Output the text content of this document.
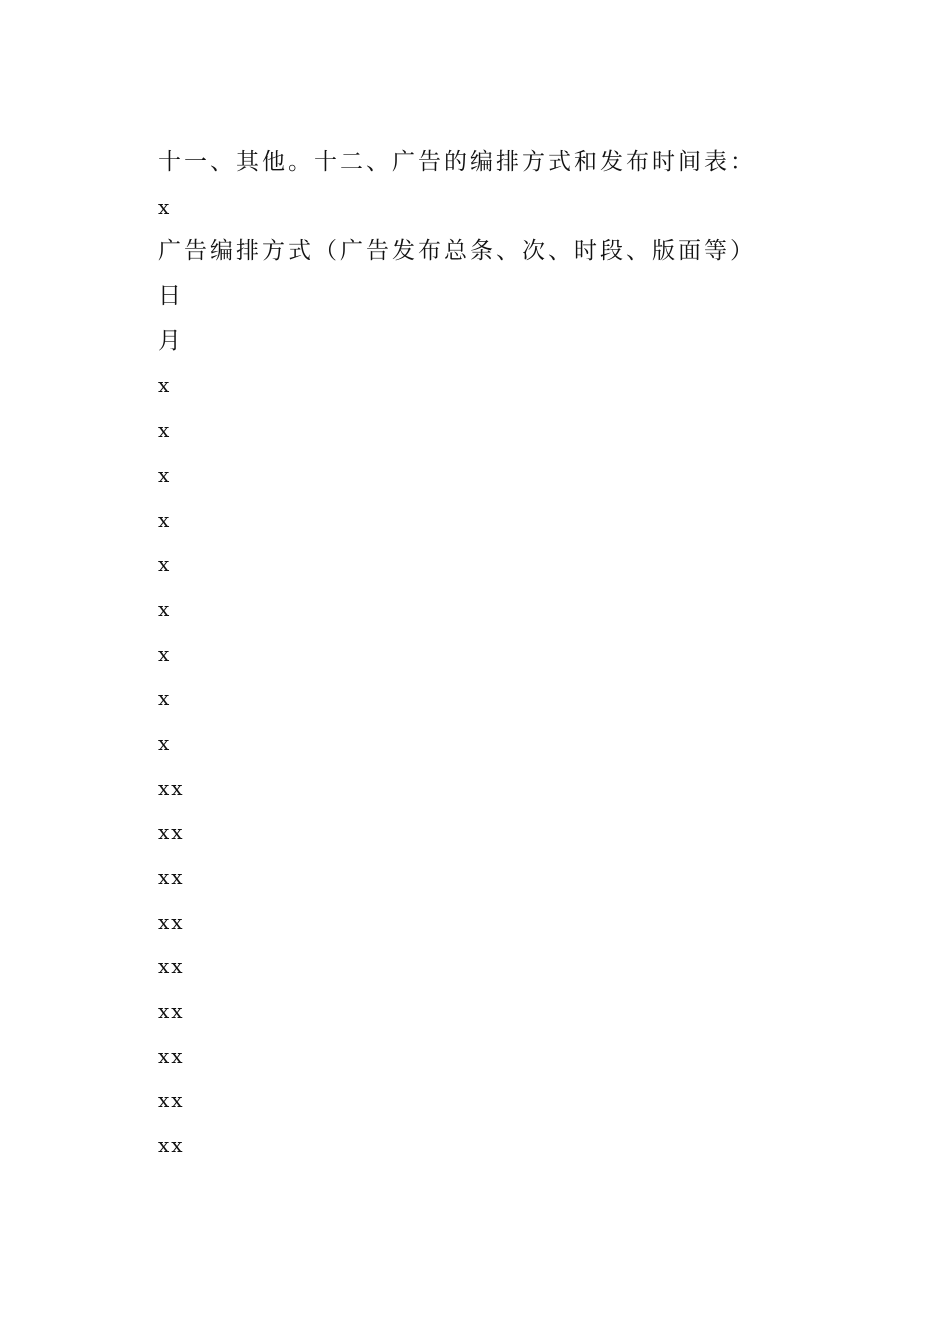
十一、其他。十二、广告的编排方式和发布时间表：
x
广告编排方式（广告发布总条、次、时段、版面等）
日
月
x
x
x
x
x
x
x
x
x
xx
xx
xx
xx
xx
xx
xx
xx
xx
